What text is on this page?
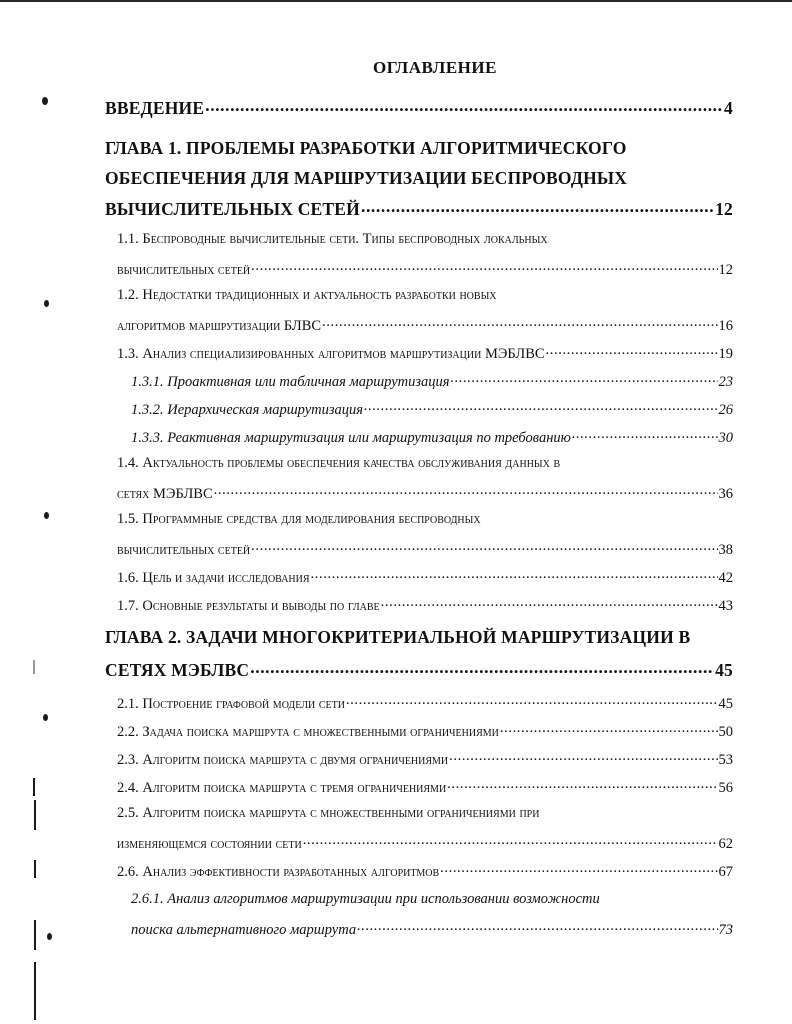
ОГЛАВЛЕНИЕ
ВВЕДЕНИЕ .....	4
ГЛАВА 1. ПРОБЛЕМЫ РАЗРАБОТКИ АЛГОРИТМИЧЕСКОГО
ОБЕСПЕЧЕНИЯ ДЛЯ МАРШРУТИЗАЦИИ БЕСПРОВОДНЫХ
ВЫЧИСЛИТЕЛЬНЫХ СЕТЕЙ .....	12
1.1. Беспроводные вычислительные сети. Типы беспроводных локальных
вычислительных сетей .....	12
1.2. Недостатки традиционных и актуальность разработки новых
алгоритмов маршрутизации БЛВС .....	16
1.3. Анализ специализированных алгоритмов маршрутизации МЭБЛВС .....	19
1.3.1. Проактивная или табличная маршрутизация .....	23
1.3.2. Иерархическая маршрутизация .....	26
1.3.3. Реактивная маршрутизация или маршрутизация по требованию .....	30
1.4. Актуальность проблемы обеспечения качества обслуживания данных в
сетях МЭБЛВС .....	36
1.5. Программные средства для моделирования беспроводных
вычислительных сетей .....	38
1.6. Цель и задачи исследования .....	42
1.7. Основные результаты и выводы по главе .....	43
ГЛАВА 2. ЗАДАЧИ МНОГОКРИТЕРИАЛЬНОЙ МАРШРУТИЗАЦИИ В
СЕТЯХ МЭБЛВС .....	45
2.1. Построение графовой модели сети .....	45
2.2. Задача поиска маршрута с множественными ограничениями .....	50
2.3. Алгоритм поиска маршрута с двумя ограничениями .....	53
2.4. Алгоритм поиска маршрута с тремя ограничениями .....	56
2.5. Алгоритм поиска маршрута с множественными ограничениями при
изменяющемся состоянии сети .....	62
2.6. Анализ эффективности разработанных алгоритмов .....	67
2.6.1. Анализ алгоритмов маршрутизации при использовании возможности
поиска альтернативного маршрута .....	73
